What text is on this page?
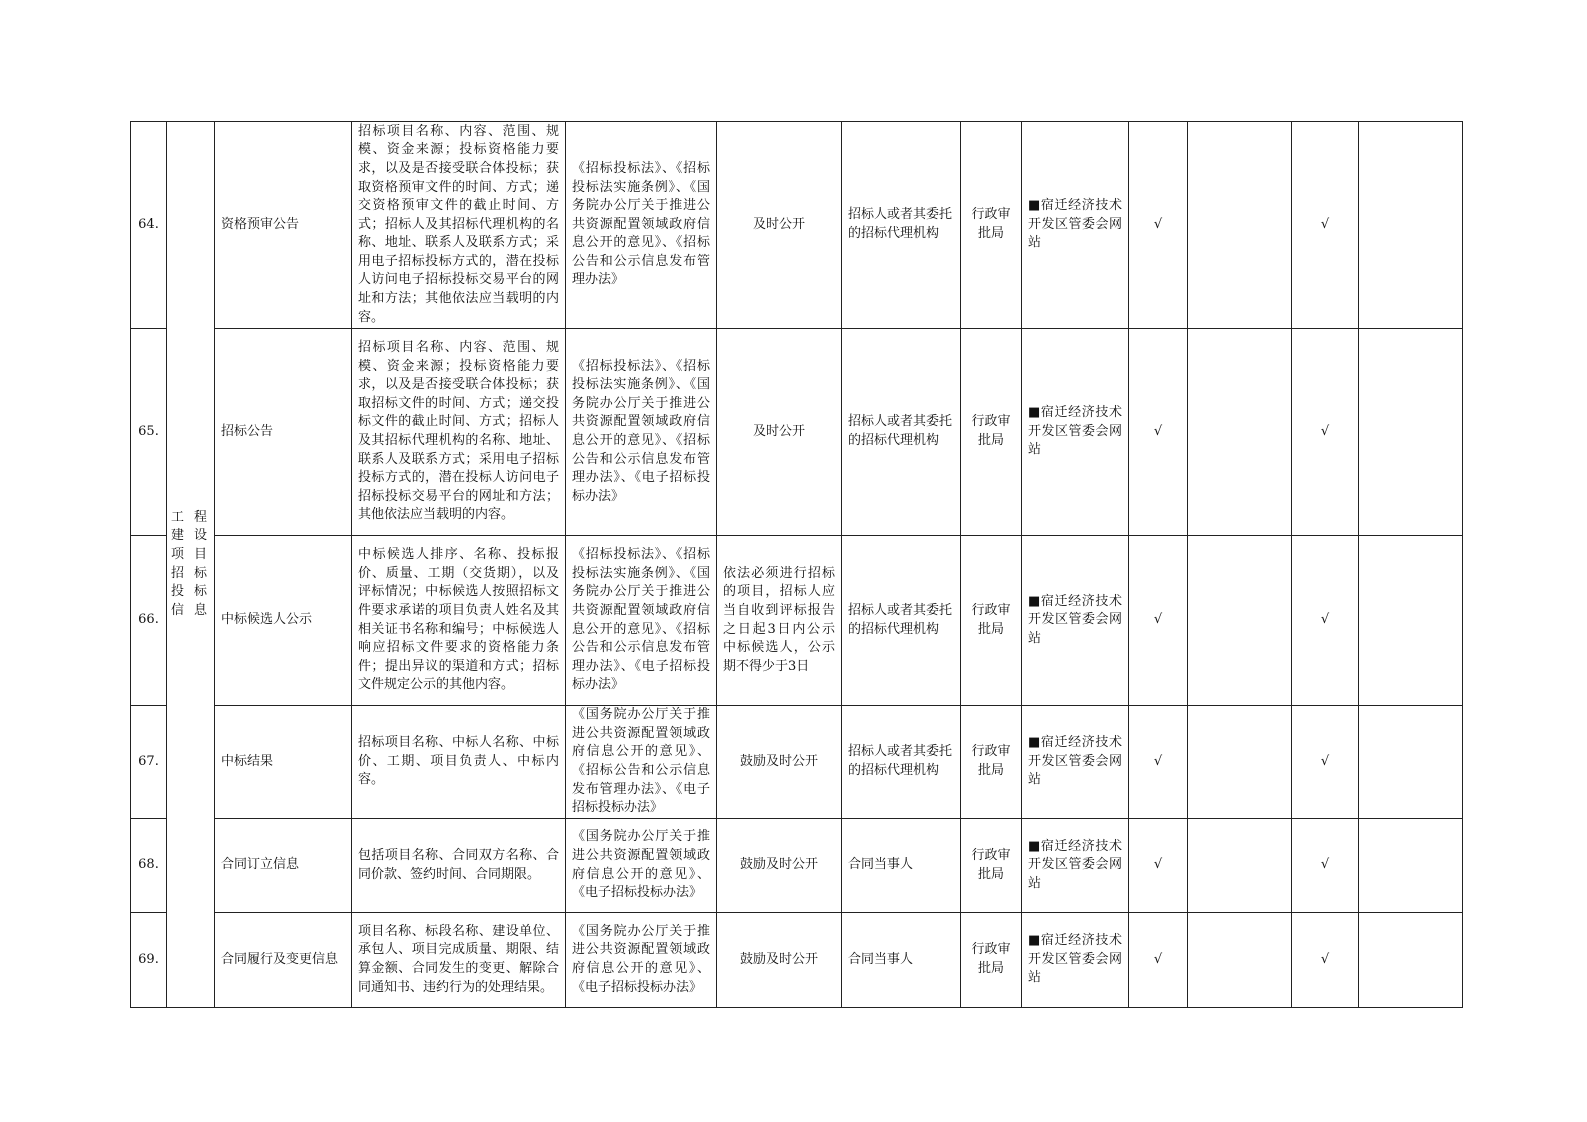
64.	工程建设项目招标投标信息	资格预审公告	招标项目名称、内容、范围、规模、资金来源；投标资格能力要求，以及是否接受联合体投标；获取资格预审文件的时间、方式；递交资格预审文件的截止时间、方式；招标人及其招标代理机构的名称、地址、联系人及联系方式；采用电子招标投标方式的，潜在投标人访问电子招标投标交易平台的网址和方法；其他依法应当载明的内容。	《招标投标法》、《招标投标法实施条例》、《国务院办公厅关于推进公共资源配置领域政府信息公开的意见》、《招标公告和公示信息发布管理办法》	及时公开	招标人或者其委托的招标代理机构	行政审批局	■宿迁经济技术开发区管委会网站	√		√	
65.		招标公告	招标项目名称、内容、范围、规模、资金来源；投标资格能力要求，以及是否接受联合体投标；获取招标文件的时间、方式；递交投标文件的截止时间、方式；招标人及其招标代理机构的名称、地址、联系人及联系方式；采用电子招标投标方式的，潜在投标人访问电子招标投标交易平台的网址和方法；其他依法应当载明的内容。	《招标投标法》、《招标投标法实施条例》、《国务院办公厅关于推进公共资源配置领域政府信息公开的意见》、《招标公告和公示信息发布管理办法》、《电子招标投标办法》	及时公开	招标人或者其委托的招标代理机构	行政审批局	■宿迁经济技术开发区管委会网站	√		√	
66.		中标候选人公示	中标候选人排序、名称、投标报价、质量、工期（交货期），以及评标情况；中标候选人按照招标文件要求承诺的项目负责人姓名及其相关证书名称和编号；中标候选人响应招标文件要求的资格能力条件；提出异议的渠道和方式；招标文件规定公示的其他内容。	《招标投标法》、《招标投标法实施条例》、《国务院办公厅关于推进公共资源配置领域政府信息公开的意见》、《招标公告和公示信息发布管理办法》、《电子招标投标办法》	依法必须进行招标的项目，招标人应当自收到评标报告之日起3日内公示中标候选人，公示期不得少于3日	招标人或者其委托的招标代理机构	行政审批局	■宿迁经济技术开发区管委会网站	√		√	
67.		中标结果	招标项目名称、中标人名称、中标价、工期、项目负责人、中标内容。	《国务院办公厅关于推进公共资源配置领域政府信息公开的意见》、《招标公告和公示信息发布管理办法》、《电子招标投标办法》	鼓励及时公开	招标人或者其委托的招标代理机构	行政审批局	■宿迁经济技术开发区管委会网站	√		√	
68.		合同订立信息	包括项目名称、合同双方名称、合同价款、签约时间、合同期限。	《国务院办公厅关于推进公共资源配置领域政府信息公开的意见》、《电子招标投标办法》	鼓励及时公开	合同当事人	行政审批局	■宿迁经济技术开发区管委会网站	√		√	
69.		合同履行及变更信息	项目名称、标段名称、建设单位、承包人、项目完成质量、期限、结算金额、合同发生的变更、解除合同通知书、违约行为的处理结果。	《国务院办公厅关于推进公共资源配置领域政府信息公开的意见》、《电子招标投标办法》	鼓励及时公开	合同当事人	行政审批局	■宿迁经济技术开发区管委会网站	√		√	
